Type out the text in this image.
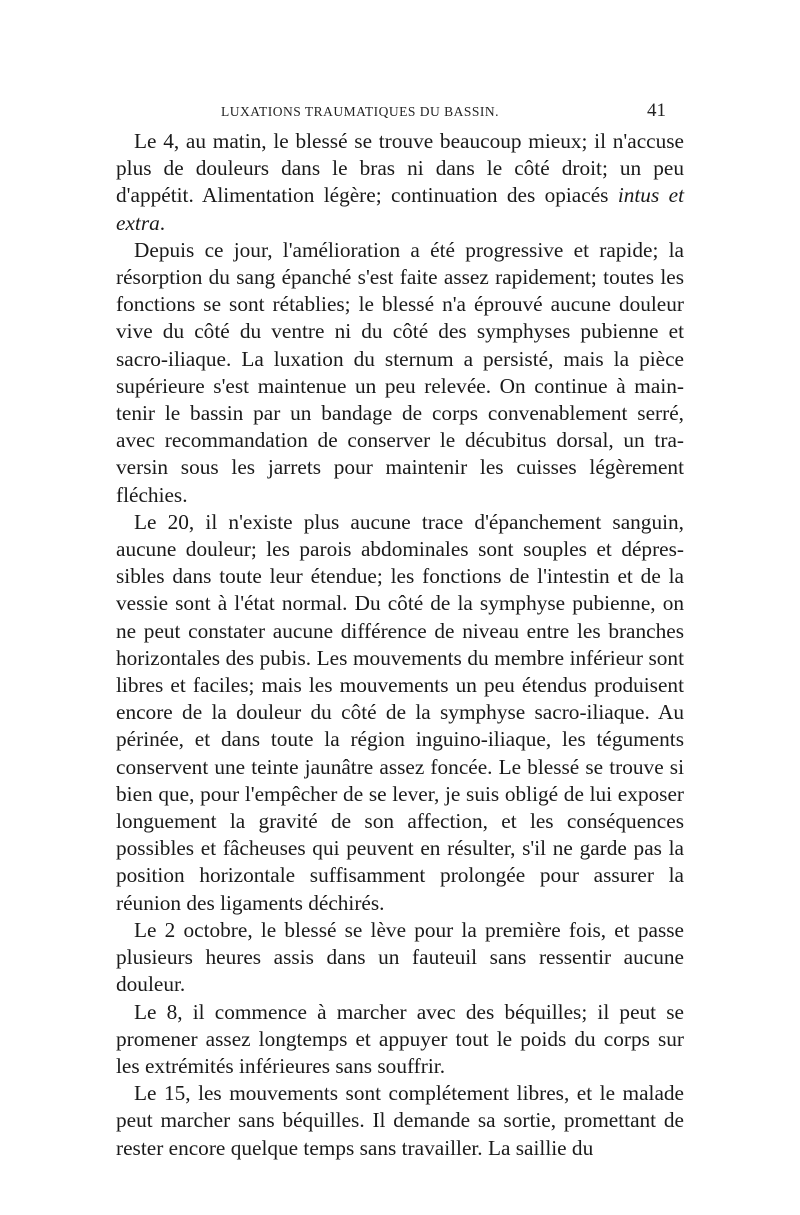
LUXATIONS TRAUMATIQUES DU BASSIN.	41

Le 4, au matin, le blessé se trouve beaucoup mieux; il n'accuse plus de douleurs dans le bras ni dans le côté droit; un peu d'appétit. Alimentation légère; continuation des opiacés intus et extra.

Depuis ce jour, l'amélioration a été progressive et rapide; la résorption du sang épanché s'est faite assez rapidement; toutes les fonctions se sont rétablies; le blessé n'a éprouvé aucune douleur vive du côté du ventre ni du côté des symphyses pubienne et sacro-iliaque. La luxation du sternum a persisté, mais la pièce supérieure s'est maintenue un peu relevée. On continue à maintenir le bassin par un bandage de corps convenablement serré, avec recommandation de conserver le décubitus dorsal, un traversin sous les jarrets pour maintenir les cuisses légèrement fléchies.

Le 20, il n'existe plus aucune trace d'épanchement sanguin, aucune douleur; les parois abdominales sont souples et dépressibles dans toute leur étendue; les fonctions de l'intestin et de la vessie sont à l'état normal. Du côté de la symphyse pubienne, on ne peut constater aucune différence de niveau entre les branches horizontales des pubis. Les mouvements du membre inférieur sont libres et faciles; mais les mouvements un peu étendus produisent encore de la douleur du côté de la symphyse sacro-iliaque. Au périnée, et dans toute la région inguino-iliaque, les téguments conservent une teinte jaunâtre assez foncée. Le blessé se trouve si bien que, pour l'empêcher de se lever, je suis obligé de lui exposer longuement la gravité de son affection, et les conséquences possibles et fâcheuses qui peuvent en résulter, s'il ne garde pas la position horizontale suffisamment prolongée pour assurer la réunion des ligaments déchirés.

Le 2 octobre, le blessé se lève pour la première fois, et passe plusieurs heures assis dans un fauteuil sans ressentir aucune douleur.

Le 8, il commence à marcher avec des béquilles; il peut se promener assez longtemps et appuyer tout le poids du corps sur les extrémités inférieures sans souffrir.

Le 15, les mouvements sont complétement libres, et le malade peut marcher sans béquilles. Il demande sa sortie, promettant de rester encore quelque temps sans travailler. La saillie du
